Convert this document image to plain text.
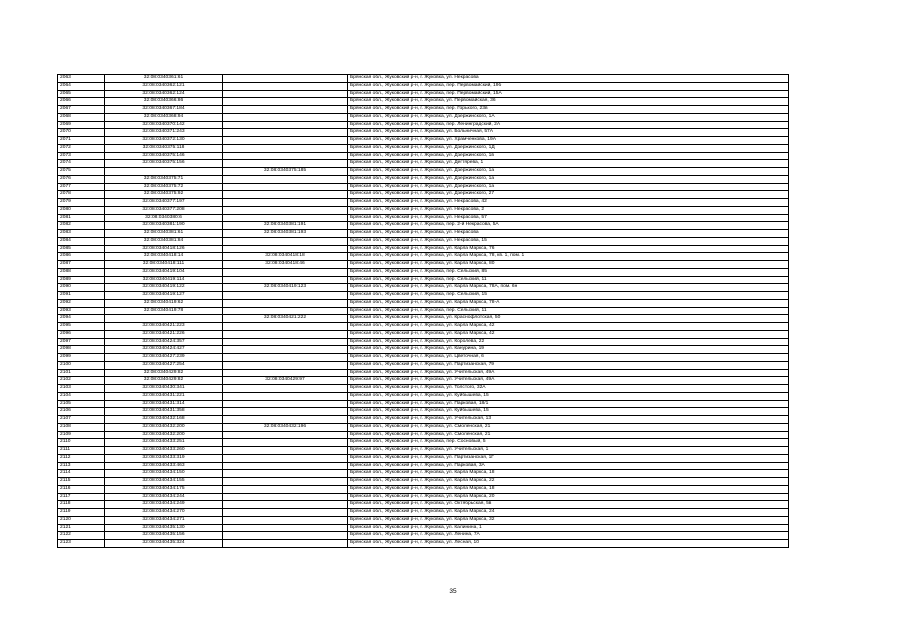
2063	32:08:0340361:61		Брянская обл., Жуковский р-н, г. Жуковка, ул. Некрасова
2064	32:08:0340362:121		Брянская обл., Жуковский р-н, г. Жуковка, пер. Первомайский, 19б
2065	32:08:0340362:124		Брянская обл., Жуковский р-н, г. Жуковка, пер. Первомайский, 15А
2066	32:08:0340366:86		Брянская обл., Жуковский р-н, г. Жуковка, ул. Первомайская, 36
2067	32:08:0340367:184		Брянская обл., Жуковский р-н, г. Жуковка, пер. Горького, 23в
2068	32:08:0340368:94		Брянская обл., Жуковский р-н, г. Жуковка, ул. Дзержинского, 1А
2069	32:08:0340370:142		Брянская обл., Жуковский р-н, г. Жуковка, пер. Ленинградский, 2А
2070	32:08:0340371:243		Брянская обл., Жуковский р-н, г. Жуковка, ул. Больничная, 57А
2071	32:08:0340372:130		Брянская обл., Жуковский р-н, г. Жуковка, ул. Храмченкова, 19А
2072	32:08:0340375:118		Брянская обл., Жуковский р-н, г. Жуковка, ул. Дзержинского, 1Д
2073	32:08:0340375:146		Брянская обл., Жуковский р-н, г. Жуковка, ул. Дзержинского, 1в
2074	32:08:0340375:156		Брянская обл., Жуковский р-н, г. Жуковка, ул. Дегтярева, 1
2075		32:08:0340375:185	Брянская обл., Жуковский р-н, г. Жуковка, ул. Дзержинского, 1а
2076	32:08:0340375:71		Брянская обл., Жуковский р-н, г. Жуковка, ул. Дзержинского, 1а
2077	32:08:0340375:72		Брянская обл., Жуковский р-н, г. Жуковка, ул. Дзержинского, 1а
2078	32:08:0340375:92		Брянская обл., Жуковский р-н, г. Жуковка, ул. Дзержинского, 27
2079	32:08:0340377:197		Брянская обл., Жуковский р-н, г. Жуковка, ул. Некрасова, 42
2080	32:08:0340377:208		Брянская обл., Жуковский р-н, г. Жуковка, ул. Некрасова, 2
2081	32:08:0340380:6		Брянская обл., Жуковский р-н, г. Жуковка, ул. Некрасова, 57
2082	32:08:0340381:190	32:08:0340381:191	Брянская обл., Жуковский р-н, г. Жуковка, пер. 2-й Некрасова, 5А
2083	32:08:0340381:61	32:08:0340381:193	Брянская обл., Жуковский р-н, г. Жуковка, ул. Некрасова
2084	32:08:0340381:84		Брянская обл., Жуковский р-н, г. Жуковка, ул. Некрасова, 15
2085	32:08:0340418:126		Брянская обл., Жуковский р-н, г. Жуковка, ул. Карла Маркса, 76
2086	32:08:0340418:14	32:08:0340418:18	Брянская обл., Жуковский р-н, г. Жуковка, ул. Карла Маркса, 78, кв. 1, пом. 1
2087	32:08:0340418:111	32:08:0340418:46	Брянская обл., Жуковский р-н, г. Жуковка, ул. Карла Маркса, 80
2088	32:08:0340419:104		Брянская обл., Жуковский р-н, г. Жуковка, пер. Сельский, 85
2089	32:08:0340419:114		Брянская обл., Жуковский р-н, г. Жуковка, пер. Сельский, 11
2090	32:08:0340419:122	32:08:0340419:123	Брянская обл., Жуковский р-н, г. Жуковка, ул. Карла Маркса, 78А, пом. 6н
2091	32:08:0340419:127		Брянская обл., Жуковский р-н, г. Жуковка, пер. Сельский, 15
2092	32:08:0340419:62		Брянская обл., Жуковский р-н, г. Жуковка, ул. Карла Маркса, 78-А
2093	32:08:0340419:78		Брянская обл., Жуковский р-н, г. Жуковка, пер. Сельский, 11
2094		32:08:0340421:222	Брянская обл., Жуковский р-н, г. Жуковка, ул. Краснофлотская, 50
2095	32:08:0340421:223		Брянская обл., Жуковский р-н, г. Жуковка, ул. Карла Маркса, 42
2096	32:08:0340421:226		Брянская обл., Жуковский р-н, г. Жуковка, ул. Карла Маркса, 42
2097	32:08:0340424:357		Брянская обл., Жуковский р-н, г. Жуковка, ул. Королева, 22
2098	32:08:0340424:427		Брянская обл., Жуковский р-н, г. Жуковка, ул. Канурина, 19
2099	32:08:0340427:239		Брянская обл., Жуковский р-н, г. Жуковка, ул. Цветочная, 6
2100	32:08:0340427:254		Брянская обл., Жуковский р-н, г. Жуковка, ул. Партизанская, 79
2101	32:08:0340429:82		Брянская обл., Жуковский р-н, г. Жуковка, ул. Учительская, 49А
2102	32:08:0340429:82	32:08:0340429:97	Брянская обл., Жуковский р-н, г. Жуковка, ул. Учительская, 49А
2103	32:08:0340430:341		Брянская обл., Жуковский р-н, г. Жуковка, ул. Толстого, 32А
2104	32:08:0340431:221		Брянская обл., Жуковский р-н, г. Жуковка, ул. Куйбышева, 15
2105	32:08:0340431:314		Брянская обл., Жуковский р-н, г. Жуковка, ул. Парковая, 18/1
2106	32:08:0340431:358		Брянская обл., Жуковский р-н, г. Жуковка, ул. Куйбышева, 15
2107	32:08:0340432:168		Брянская обл., Жуковский р-н, г. Жуковка, ул. Учительская, 13
2108	32:08:0340432:200	32:08:0340432:196	Брянская обл., Жуковский р-н, г. Жуковка, ул. Смоленская, 21
2109	32:08:0340432:200		Брянская обл., Жуковский р-н, г. Жуковка, ул. Смоленская, 21
2110	32:08:0340433:251		Брянская обл., Жуковский р-н, г. Жуковка, пер. Сосновый, 5
2111	32:08:0340433:260		Брянская обл., Жуковский р-н, г. Жуковка, ул. Учительская, 1
2112	32:08:0340433:319		Брянская обл., Жуковский р-н, г. Жуковка, ул. Партизанская, 1Г
2113	32:08:0340433:463		Брянская обл., Жуковский р-н, г. Жуковка, ул. Парковая, 3А
2114	32:08:0340434:150		Брянская обл., Жуковский р-н, г. Жуковка, ул. Карла Маркса, 18
2115	32:08:0340434:155		Брянская обл., Жуковский р-н, г. Жуковка, ул. Карла Маркса, 22
2116	32:08:0340434:175		Брянская обл., Жуковский р-н, г. Жуковка, ул. Карла Маркса, 18
2117	32:08:0340434:244		Брянская обл., Жуковский р-н, г. Жуковка, ул. Карла Маркса, 20
2118	32:08:0340434:249		Брянская обл., Жуковский р-н, г. Жуковка, ул. Октябрьская, 5в
2119	32:08:0340434:270		Брянская обл., Жуковский р-н, г. Жуковка, ул. Карла Маркса, 24
2120	32:08:0340434:271		Брянская обл., Жуковский р-н, г. Жуковка, ул. Карла Маркса, 32
2121	32:08:0340435:130		Брянская обл., Жуковский р-н, г. Жуковка, ул. Калинина, 1
2122	32:08:0340435:156		Брянская обл., Жуковский р-н, г. Жуковка, ул. Ленина, 7А
2123	32:08:0340435:324		Брянская обл., Жуковский р-н, г. Жуковка, ул. Лесная, 10
35
